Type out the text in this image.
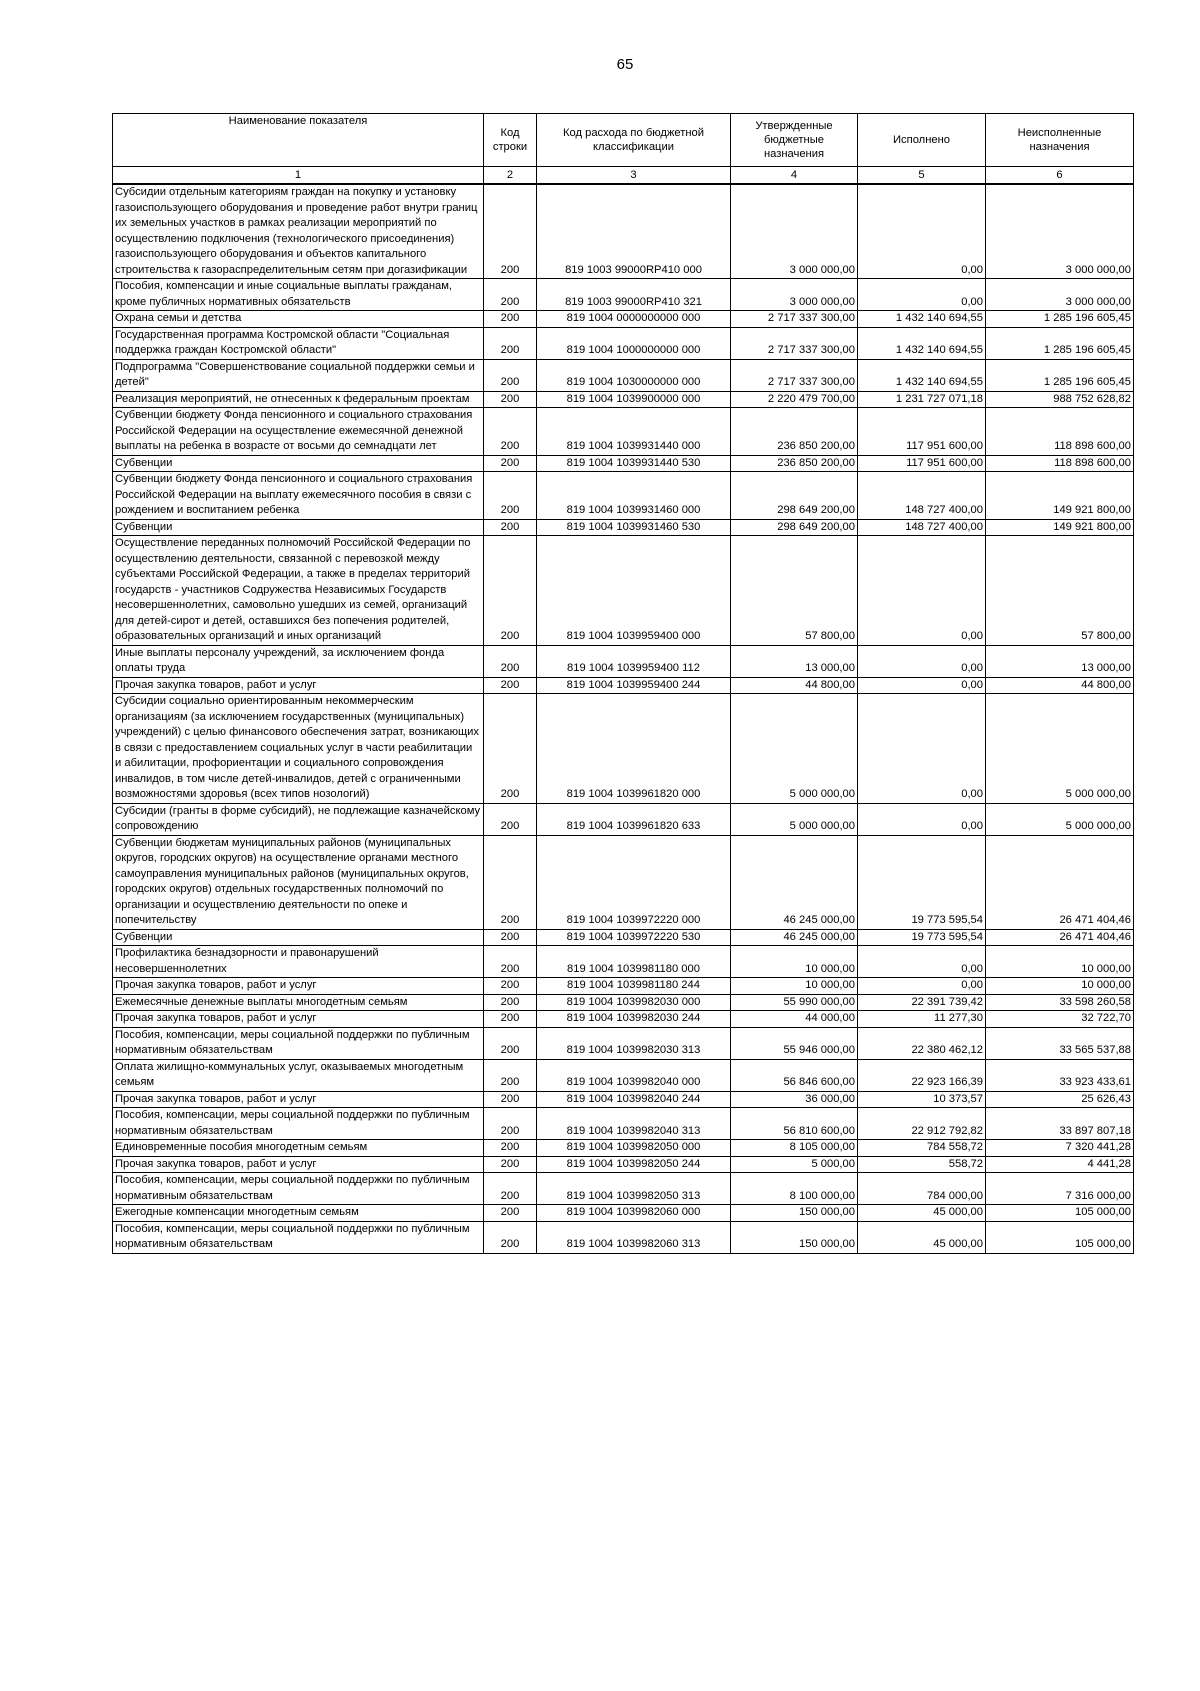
65
Наименование показателя	Код строки	Код расхода по бюджетной классификации	Утвержденные бюджетные назначения	Исполнено	Неисполненные назначения
1	2	3	4	5	6
Субсидии отдельным категориям граждан на покупку и установку газоиспользующего оборудования и проведение работ внутри границ их земельных участков в рамках реализации мероприятий по осуществлению подключения (технологического присоединения) газоиспользующего оборудования и объектов капитального строительства к газораспределительным сетям при догазификации	200	819 1003 99000RP410 000	3 000 000,00	0,00	3 000 000,00
Пособия, компенсации и иные социальные выплаты гражданам, кроме публичных нормативных обязательств	200	819 1003 99000RP410 321	3 000 000,00	0,00	3 000 000,00
Охрана семьи и детства	200	819 1004 0000000000 000	2 717 337 300,00	1 432 140 694,55	1 285 196 605,45
Государственная программа Костромской области "Социальная поддержка граждан Костромской области"	200	819 1004 1000000000 000	2 717 337 300,00	1 432 140 694,55	1 285 196 605,45
Подпрограмма "Совершенствование социальной поддержки семьи и детей"	200	819 1004 1030000000 000	2 717 337 300,00	1 432 140 694,55	1 285 196 605,45
Реализация мероприятий, не отнесенных к федеральным проектам	200	819 1004 1039900000 000	2 220 479 700,00	1 231 727 071,18	988 752 628,82
Субвенции бюджету Фонда пенсионного и социального страхования Российской Федерации на осуществление ежемесячной денежной выплаты на ребенка в возрасте от восьми до семнадцати лет	200	819 1004 1039931440 000	236 850 200,00	117 951 600,00	118 898 600,00
Субвенции	200	819 1004 1039931440 530	236 850 200,00	117 951 600,00	118 898 600,00
Субвенции бюджету Фонда пенсионного и социального страхования Российской Федерации на выплату ежемесячного пособия в связи с рождением и воспитанием ребенка	200	819 1004 1039931460 000	298 649 200,00	148 727 400,00	149 921 800,00
Субвенции	200	819 1004 1039931460 530	298 649 200,00	148 727 400,00	149 921 800,00
Осуществление переданных полномочий Российской Федерации по осуществлению деятельности, связанной с перевозкой между субъектами Российской Федерации, а также в пределах территорий государств - участников Содружества Независимых Государств несовершеннолетних, самовольно ушедших из семей, организаций для детей-сирот и детей, оставшихся без попечения родителей, образовательных организаций и иных организаций	200	819 1004 1039959400 000	57 800,00	0,00	57 800,00
Иные выплаты персоналу учреждений, за исключением фонда оплаты труда	200	819 1004 1039959400 112	13 000,00	0,00	13 000,00
Прочая закупка товаров, работ и услуг	200	819 1004 1039959400 244	44 800,00	0,00	44 800,00
Субсидии социально ориентированным некоммерческим организациям (за исключением государственных (муниципальных) учреждений) с целью финансового обеспечения затрат, возникающих в связи с предоставлением социальных услуг в части реабилитации и абилитации, профориентации и социального сопровождения инвалидов, в том числе детей-инвалидов, детей с ограниченными возможностями здоровья (всех типов нозологий)	200	819 1004 1039961820 000	5 000 000,00	0,00	5 000 000,00
Субсидии (гранты в форме субсидий), не подлежащие казначейскому сопровождению	200	819 1004 1039961820 633	5 000 000,00	0,00	5 000 000,00
Субвенции бюджетам муниципальных районов (муниципальных округов, городских округов) на осуществление органами местного самоуправления муниципальных районов (муниципальных округов, городских округов) отдельных государственных полномочий по организации и осуществлению деятельности по опеке и попечительству	200	819 1004 1039972220 000	46 245 000,00	19 773 595,54	26 471 404,46
Субвенции	200	819 1004 1039972220 530	46 245 000,00	19 773 595,54	26 471 404,46
Профилактика безнадзорности и правонарушений несовершеннолетних	200	819 1004 1039981180 000	10 000,00	0,00	10 000,00
Прочая закупка товаров, работ и услуг	200	819 1004 1039981180 244	10 000,00	0,00	10 000,00
Ежемесячные денежные выплаты многодетным семьям	200	819 1004 1039982030 000	55 990 000,00	22 391 739,42	33 598 260,58
Прочая закупка товаров, работ и услуг	200	819 1004 1039982030 244	44 000,00	11 277,30	32 722,70
Пособия, компенсации, меры социальной поддержки по публичным нормативным обязательствам	200	819 1004 1039982030 313	55 946 000,00	22 380 462,12	33 565 537,88
Оплата жилищно-коммунальных услуг, оказываемых многодетным семьям	200	819 1004 1039982040 000	56 846 600,00	22 923 166,39	33 923 433,61
Прочая закупка товаров, работ и услуг	200	819 1004 1039982040 244	36 000,00	10 373,57	25 626,43
Пособия, компенсации, меры социальной поддержки по публичным нормативным обязательствам	200	819 1004 1039982040 313	56 810 600,00	22 912 792,82	33 897 807,18
Единовременные пособия многодетным семьям	200	819 1004 1039982050 000	8 105 000,00	784 558,72	7 320 441,28
Прочая закупка товаров, работ и услуг	200	819 1004 1039982050 244	5 000,00	558,72	4 441,28
Пособия, компенсации, меры социальной поддержки по публичным нормативным обязательствам	200	819 1004 1039982050 313	8 100 000,00	784 000,00	7 316 000,00
Ежегодные компенсации многодетным семьям	200	819 1004 1039982060 000	150 000,00	45 000,00	105 000,00
Пособия, компенсации, меры социальной поддержки по публичным нормативным обязательствам	200	819 1004 1039982060 313	150 000,00	45 000,00	105 000,00
